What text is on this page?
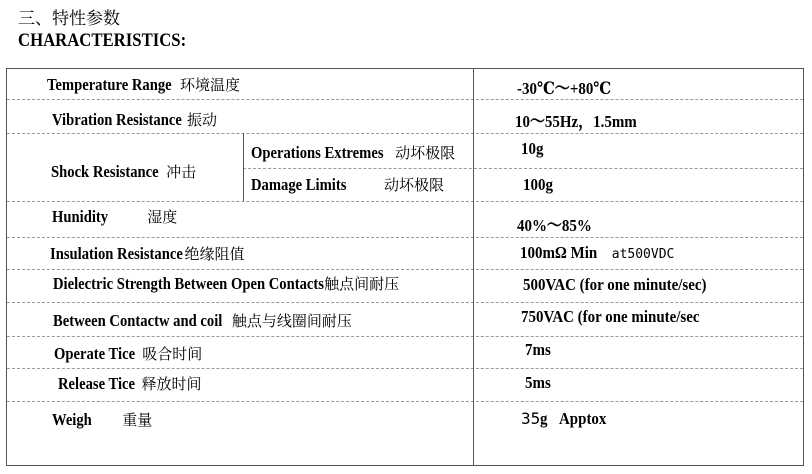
三、特性参数
CHARACTERISTICS:
Temperature Range 环境温度	-30℃～+80℃
Vibration Resistance 振动	10～55Hz，1.5mm
Shock Resistance 冲击
Operations Extremes 动坏极限	10g
Damage Limits	动坏极限	100g
Hunidity	湿度	40%～85%
Insulation Resistance 绝缘阻值	100mΩ Min at500VDC
Dielectric Strength Between Open Contacts触点间耐压	500VAC (for one minute/sec)
Between Contactw and coil 触点与线圈间耐压	750VAC (for one minute/sec
Operate Tice 吸合时间	7ms
Release Tice 释放时间	5ms
Weigh 重量	35g Apptox
